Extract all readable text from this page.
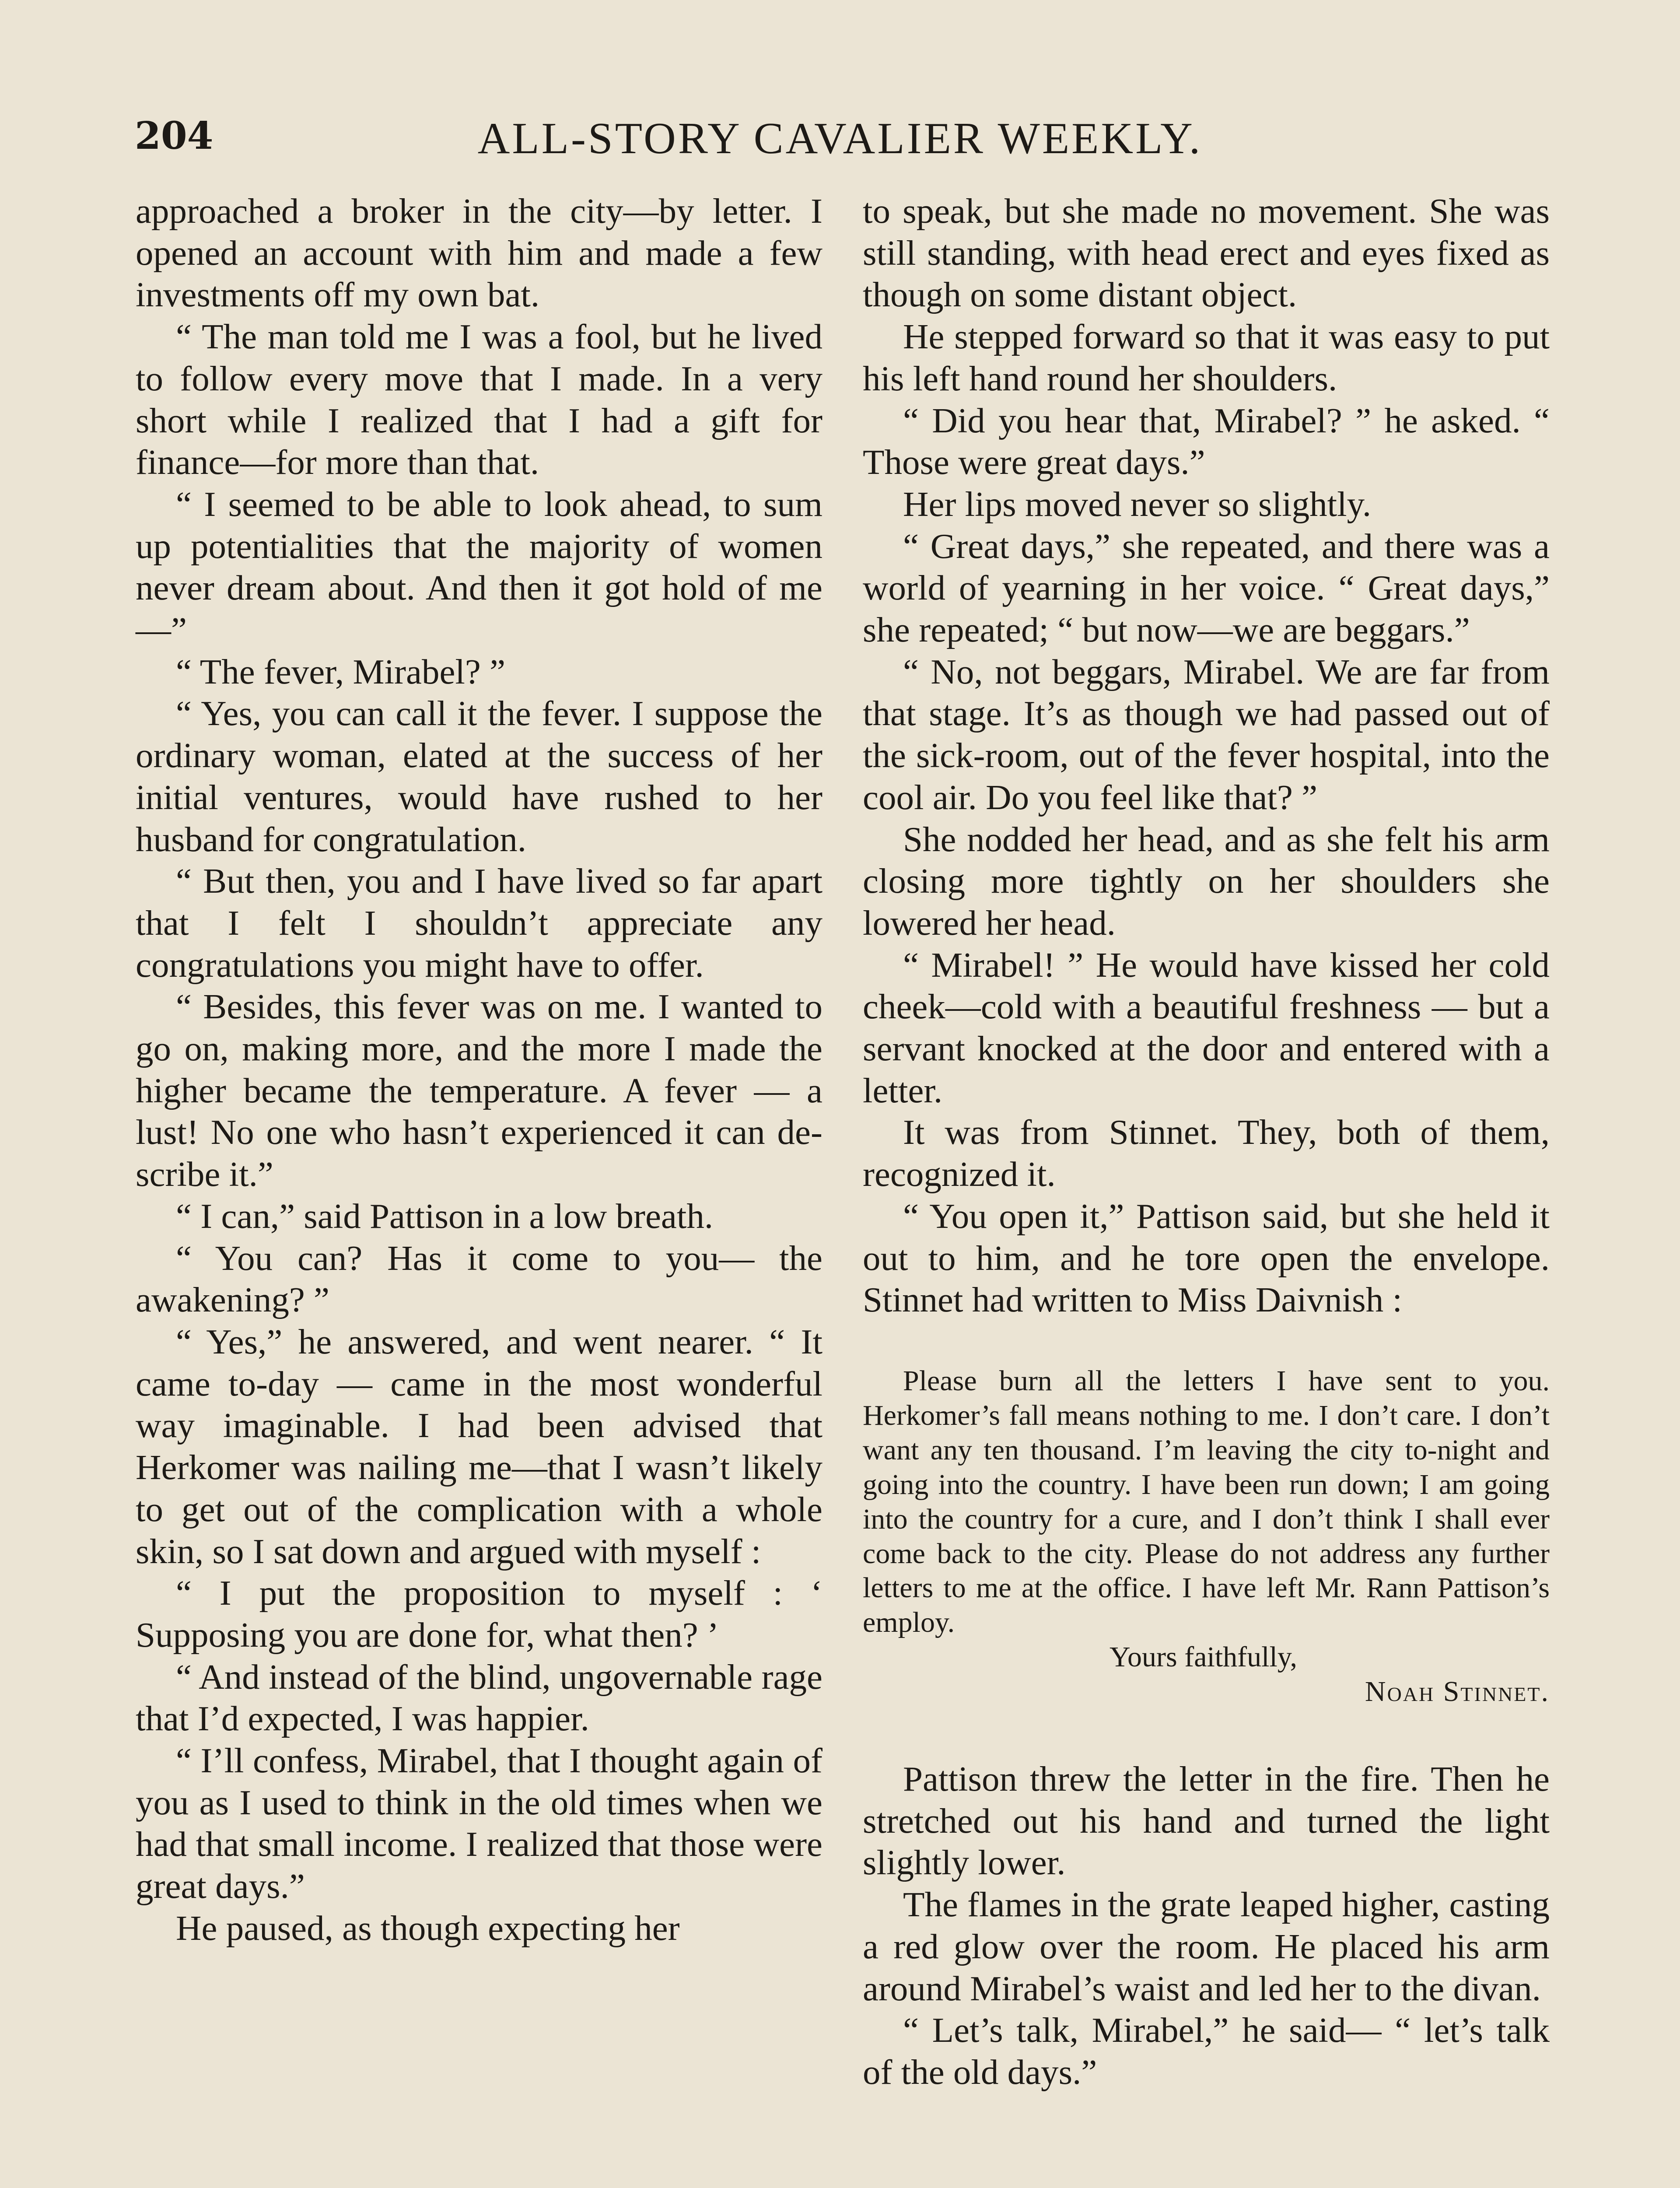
204	ALL-STORY CAVALIER WEEKLY.

approached a broker in the city—by letter. I opened an account with him and made a few investments off my own bat.

“ The man told me I was a fool, but he lived to follow every move that I made. In a very short while I realized that I had a gift for finance—for more than that.

“ I seemed to be able to look ahead, to sum up potentialities that the majority of women never dream about. And then it got hold of me—”

“ The fever, Mirabel? ”

“ Yes, you can call it the fever. I suppose the ordinary woman, elated at the success of her initial ventures, would have rushed to her husband for congratulation.

“ But then, you and I have lived so far apart that I felt I shouldn’t appreciate any congratulations you might have to offer.

“ Besides, this fever was on me. I wanted to go on, making more, and the more I made the higher became the temperature. A fever — a lust! No one who hasn’t experienced it can describe it.”

“ I can,” said Pattison in a low breath.

“ You can? Has it come to you— the awakening? ”

“ Yes,” he answered, and went nearer. “ It came to-day — came in the most wonderful way imaginable. I had been advised that Herkomer was nailing me—that I wasn’t likely to get out of the complication with a whole skin, so I sat down and argued with myself :

“ I put the proposition to myself : ‘ Supposing you are done for, what then? ’

“ And instead of the blind, ungovernable rage that I’d expected, I was happier.

“ I’ll confess, Mirabel, that I thought again of you as I used to think in the old times when we had that small income. I realized that those were great days.”

He paused, as though expecting her

to speak, but she made no movement. She was still standing, with head erect and eyes fixed as though on some distant object.

He stepped forward so that it was easy to put his left hand round her shoulders.

“ Did you hear that, Mirabel? ” he asked. “ Those were great days.”

Her lips moved never so slightly.

“ Great days,” she repeated, and there was a world of yearning in her voice. “ Great days,” she repeated; “ but now—we are beggars.”

“ No, not beggars, Mirabel. We are far from that stage. It’s as though we had passed out of the sick-room, out of the fever hospital, into the cool air. Do you feel like that? ”

She nodded her head, and as she felt his arm closing more tightly on her shoulders she lowered her head.

“ Mirabel! ” He would have kissed her cold cheek—cold with a beautiful freshness — but a servant knocked at the door and entered with a letter.

It was from Stinnet. They, both of them, recognized it.

“ You open it,” Pattison said, but she held it out to him, and he tore open the envelope. Stinnet had written to Miss Daivnish :

Please burn all the letters I have sent to you. Herkomer’s fall means nothing to me. I don’t care. I don’t want any ten thousand. I’m leaving the city to-night and going into the country. I have been run down; I am going into the country for a cure, and I don’t think I shall ever come back to the city. Please do not address any further letters to me at the office. I have left Mr. Rann Pattison’s employ.

Yours faithfully,

Noah Stinnet.

Pattison threw the letter in the fire. Then he stretched out his hand and turned the light slightly lower.

The flames in the grate leaped higher, casting a red glow over the room. He placed his arm around Mirabel’s waist and led her to the divan.

“ Let’s talk, Mirabel,” he said— “ let’s talk of the old days.”
